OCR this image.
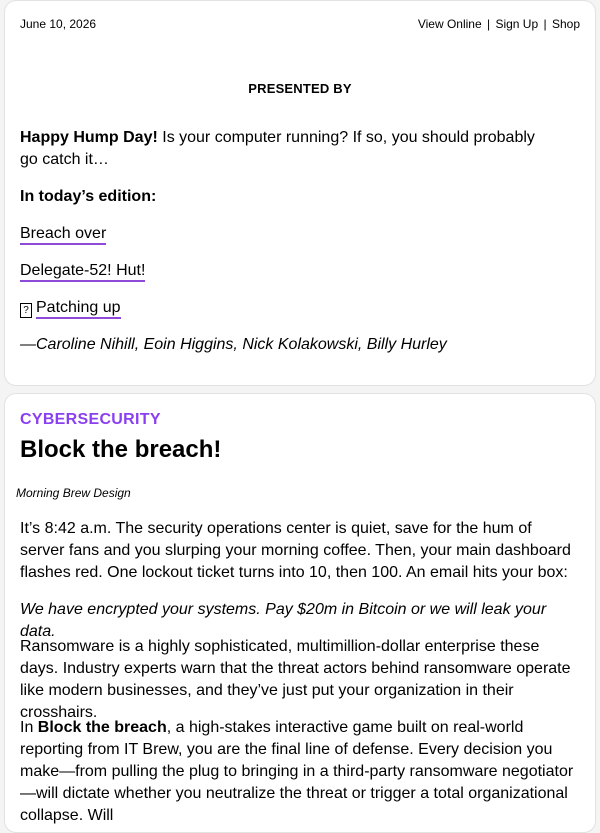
June 10, 2026	View Online | Sign Up | Shop
PRESENTED BY
Happy Hump Day! Is your computer running? If so, you should probably go catch it…
In today’s edition:
Breach over
Delegate-52! Hut!
? Patching up
—Caroline Nihill, Eoin Higgins, Nick Kolakowski, Billy Hurley
CYBERSECURITY
Block the breach!
Morning Brew Design

It’s 8:42 a.m. The security operations center is quiet, save for the hum of server fans and you slurping your morning coffee. Then, your main dashboard flashes red. One lockout ticket turns into 10, then 100. An email hits your box:

We have encrypted your systems. Pay $20m in Bitcoin or we will leak your data.

Ransomware is a highly sophisticated, multimillion-dollar enterprise these days. Industry experts warn that the threat actors behind ransomware operate like modern businesses, and they’ve just put your organization in their crosshairs.

In Block the breach, a high-stakes interactive game built on real-world reporting from IT Brew, you are the final line of defense. Every decision you make—from pulling the plug to bringing in a third-party ransomware negotiator—will dictate whether you neutralize the threat or trigger a total organizational collapse. Will
